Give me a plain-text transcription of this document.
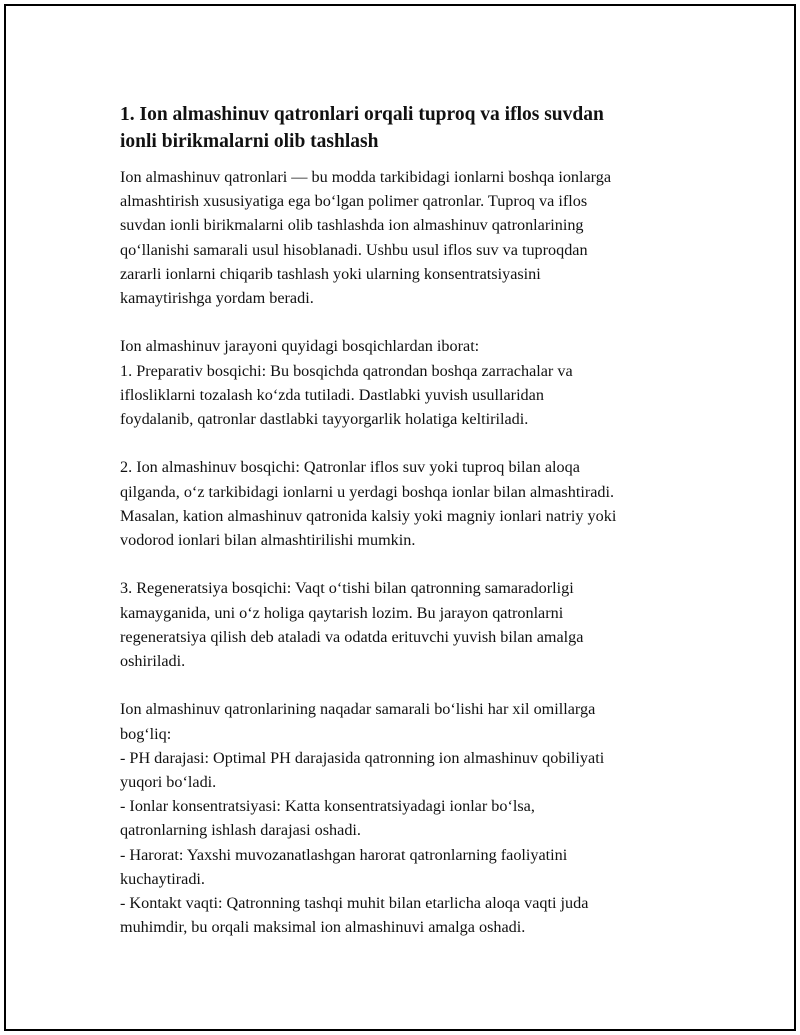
1. Ion almashinuv qatronlari orqali tuproq va iflos suvdan
ionli birikmalarni olib tashlash

Ion almashinuv qatronlari — bu modda tarkibidagi ionlarni boshqa ionlarga
almashtirish xususiyatiga ega bo‘lgan polimer qatronlar. Tuproq va iflos
suvdan ionli birikmalarni olib tashlashda ion almashinuv qatronlarining
qo‘llanishi samarali usul hisoblanadi. Ushbu usul iflos suv va tuproqdan
zararli ionlarni chiqarib tashlash yoki ularning konsentratsiyasini
kamaytirishga yordam beradi.

Ion almashinuv jarayoni quyidagi bosqichlardan iborat:
1. Preparativ bosqichi: Bu bosqichda qatrondan boshqa zarrachalar va
iflosliklarni tozalash ko‘zda tutiladi. Dastlabki yuvish usullaridan
foydalanib, qatronlar dastlabki tayyorgarlik holatiga keltiriladi.

2. Ion almashinuv bosqichi: Qatronlar iflos suv yoki tuproq bilan aloqa
qilganda, o‘z tarkibidagi ionlarni u yerdagi boshqa ionlar bilan almashtiradi.
Masalan, kation almashinuv qatronida kalsiy yoki magniy ionlari natriy yoki
vodorod ionlari bilan almashtirilishi mumkin.

3. Regeneratsiya bosqichi: Vaqt o‘tishi bilan qatronning samaradorligi
kamayganida, uni o‘z holiga qaytarish lozim. Bu jarayon qatronlarni
regeneratsiya qilish deb ataladi va odatda erituvchi yuvish bilan amalga
oshiriladi.

Ion almashinuv qatronlarining naqadar samarali bo‘lishi har xil omillarga
bog‘liq:
- PH darajasi: Optimal PH darajasida qatronning ion almashinuv qobiliyati
yuqori bo‘ladi.
- Ionlar konsentratsiyasi: Katta konsentratsiyadagi ionlar bo‘lsa,
qatronlarning ishlash darajasi oshadi.
- Harorat: Yaxshi muvozanatlashgan harorat qatronlarning faoliyatini
kuchaytiradi.
- Kontakt vaqti: Qatronning tashqi muhit bilan etarlicha aloqa vaqti juda
muhimdir, bu orqali maksimal ion almashinuvi amalga oshadi.
